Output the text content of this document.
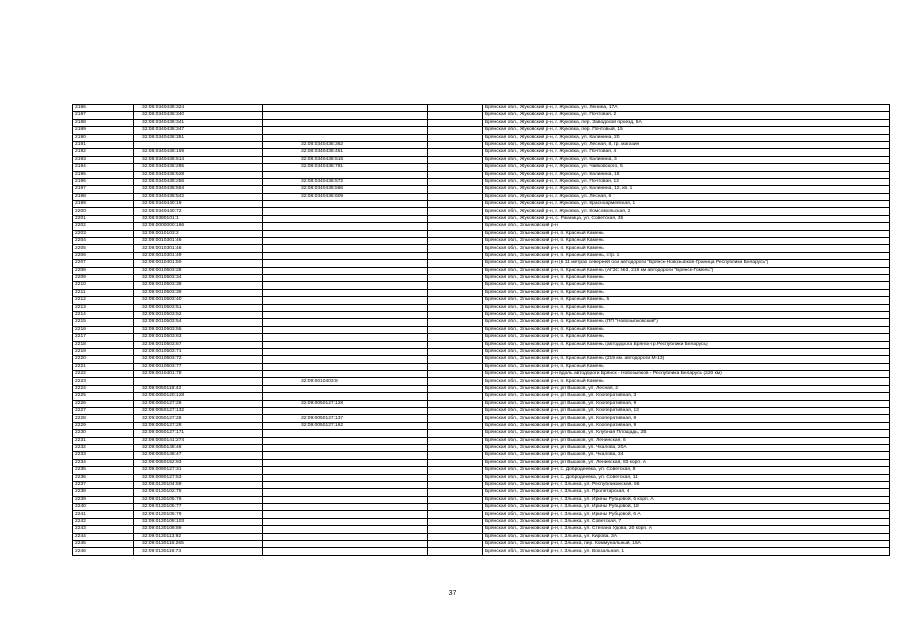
2186	32:08:0340438:324			Брянская обл., Жуковский р-н, г. Жуковка, ул. Ленина, 17А
2187	32:08:0340438:340			Брянская обл., Жуковский р-н, г. Жуковка, ул. Почтовая, 2
2188	32:08:0340438:341			Брянская обл., Жуковский р-н, г. Жуковка, пер. Заводской проезд, 5А
2189	32:08:0340438:347			Брянская обл., Жуковский р-н, г. Жуковка, пер. Почтовый, 15
2190	32:08:0340438:351			Брянская обл., Жуковский р-н, г. Жуковка, ул. Калинина, 20
2191		32:08:0340438:362		Брянская обл., Жуковский р-н, г. Жуковка, ул. Лесная, 8, гр. магазин
2192	32:08:0340438:159	32:08:0340438:451		Брянская обл., Жуковский р-н, г. Жуковка, ул. Почтовая, 4
2193	32:08:0340438:514	32:08:0340438:515		Брянская обл., Жуковский р-н, г. Жуковка, ул. Калинина, 3
2194	32:08:0340438:285	32:08:0340438:781		Брянская обл., Жуковский р-н, г. Жуковка, ул. Чайковского, 5
2195	32:08:0340438:528			Брянская обл., Жуковский р-н, г. Жуковка, ул. Калинина, 18
2196	32:08:0340438:256	32:08:0340438:572		Брянская обл., Жуковский р-н, г. Жуковка, ул. Почтовая, 12
2197	32:08:0340438:554	32:08:0340438:586		Брянская обл., Жуковский р-н, г. Жуковка, ул. Калинина, 12, кв. 1
2198	32:08:0340438:542	32:08:0340438:609		Брянская обл., Жуковский р-н, г. Жуковка, ул. Лесная, 6
2199	32:08:0340440:19			Брянская обл., Жуковский р-н, г. Жуковка, ул. Красноармейская, 1
2200	32:08:0340440:72			Брянская обл., Жуковский р-н, г. Жуковка, ул. Комсомольская, 2
2201	32:08:0390101:1			Брянская обл., Жуковский р-н, с. Ржаница, ул. Советская, 35
2202	32:09:0000000:166			Брянская обл., Злынковский р-н
2203	32:09:0010103:2			Брянская обл., Злынковский р-н, п. Красный Камень
2204	32:09:0010301:46			Брянская обл., Злынковский р-н, п. Красный Камень
2205	32:09:0010301:48			Брянская обл., Злынковский р-н, п. Красный Камень
2206	32:09:0010301:49			Брянская обл., Злынковский р-н, п. Красный Камень, стр. 1
2207	32:09:0010401:50			Брянская обл., Злынковский р-н (в 11 метрах северней оси автодороги "Брянск-Новозыбков-Граница Республики Беларусь")
2208	32:09:0010503:28			Брянская обл., Злынковский р-н, п. Красный Камень (АГЗС №3, 219 км автодороги "Брянск-Гомель")
2209	32:09:0010503:34			Брянская обл., Злынковский р-н, п. Красный Камень
2210	32:09:0010503:38			Брянская обл., Злынковский р-н, п. Красный Камень
2211	32:09:0010503:39			Брянская обл., Злынковский р-н, п. Красный Камень
2212	32:09:0010503:40			Брянская обл., Злынковский р-н, п. Красный Камень, 5
2213	32:09:0010503:51			Брянская обл., Злынковский р-н, п. Красный Камень
2214	32:09:0010503:52			Брянская обл., Злынковский р-н, п. Красный Камень
2215	32:09:0010503:54			Брянская обл., Злынковский р-н, п. Красный Камень (ПП "Новозыбковский")
2216	32:09:0010503:55			Брянская обл., Злынковский р-н, п. Красный Камень
2217	32:09:0010503:63			Брянская обл., Злынковский р-н, п. Красный Камень
2218	32:09:0010503:67			Брянская обл., Злынковский р-н, п. Красный Камень (автодорога Брянск-гр.Республики Беларусь)
2219	32:09:0010503:71			Брянская обл., Злынковский р-н
2220	32:09:0010503:72			Брянская обл., Злынковский р-н, п. Красный Камень (219 км. автодороги М-13)
2221	32:09:0010503:77			Брянская обл., Злынковский р-н, п. Красный Камень
2222	32:09:0010401:78			Брянская обл., Злынковский р-н вдоль автодороги Брянск - Новозыбков - Республика Беларусь (220 км)
2223		32:09:0010403:8		Брянская обл., Злынковский р-н, п. Красный Камень
2224	32:09:0050118:43			Брянская обл., Злынковский р-н, рп Вышков, ул. Лесная, 2
2225	32:09:0050120:128			Брянская обл., Злынковский р-н, рп Вышков, ул. Кооперативная, 3
2226	32:09:0050127:28	32:09:0050127:128		Брянская обл., Злынковский р-н, рп Вышков, ул. Кооперативная, 9
2227	32:09:0050127:132			Брянская обл., Злынковский р-н, рп Вышков, ул. Кооперативная, 13
2228	32:09:0050127:28	32:09:0050127:137		Брянская обл., Злынковский р-н, рп Вышков, ул. Кооперативная, 9
2229	32:09:0050127:28	32:09:0050127:162		Брянская обл., Злынковский р-н, рп Вышков, ул. Кооперативная, 9
2230	32:09:0050127:171			Брянская обл., Злынковский р-н, рп Вышков, ул. Клубная Площадь, 2В
2231	32:09:0050141:274			Брянская обл., Злынковский р-н, рп Вышков, ул. Ленинская, 6
2232	32:09:0050148:46			Брянская обл., Злынковский р-н, рп Вышков, ул. Чкалова, 20А
2233	32:09:0050148:47			Брянская обл., Злынковский р-н, рп Вышков, ул. Чкалова, 34
2234	32:09:0050152:93			Брянская обл., Злынковский р-н, рп Вышков, ул. Ленинская, 83 корп. А
2235	32:09:0090127:31			Брянская обл., Злынковский р-н, с. Добродеевка, ул. Советская, 8
2236	32:09:0090127:53			Брянская обл., Злынковский р-н, с. Добродеевка, ул. Советская, 11
2237	32:09:0130104:59			Брянская обл., Злынковский р-н, г. Злынка, ул. Республиканская, 56
2238	32:09:0130102:75			Брянская обл., Злынковский р-н, г. Злынка, ул. Пролетарская, 4
2239	32:09:0130105:76			Брянская обл., Злынковский р-н, г. Злынка, ул. Ирины Рубцовой, 6 корп. А
2240	32:09:0130105:77			Брянская обл., Злынковский р-н, г. Злынка, ул. Ирины Рубцовой, 18
2241	32:09:0130105:79			Брянская обл., Злынковский р-н, г. Злынка, ул. Ирины Рубцовой, 6 А
2242	32:09:0130108:103			Брянская обл., Злынковский р-н, г. Злынка, ул. Советская, 7
2243	32:09:0130108:89			Брянская обл., Злынковский р-н, г. Злынка, ул. Степана Удова, 20 корп. А
2244	32:09:0130113:92			Брянская обл., Злынковский р-н, г. Злынка, ул. Кирова, 3А
2245	32:09:0130116:265			Брянская обл., Злынковский р-н, г. Злынка, пер. Коммунальный, 15А
2246	32:09:0130119:73			Брянская обл., Злынковский р-н, г. Злынка, ул. Вокзальная, 1
37
